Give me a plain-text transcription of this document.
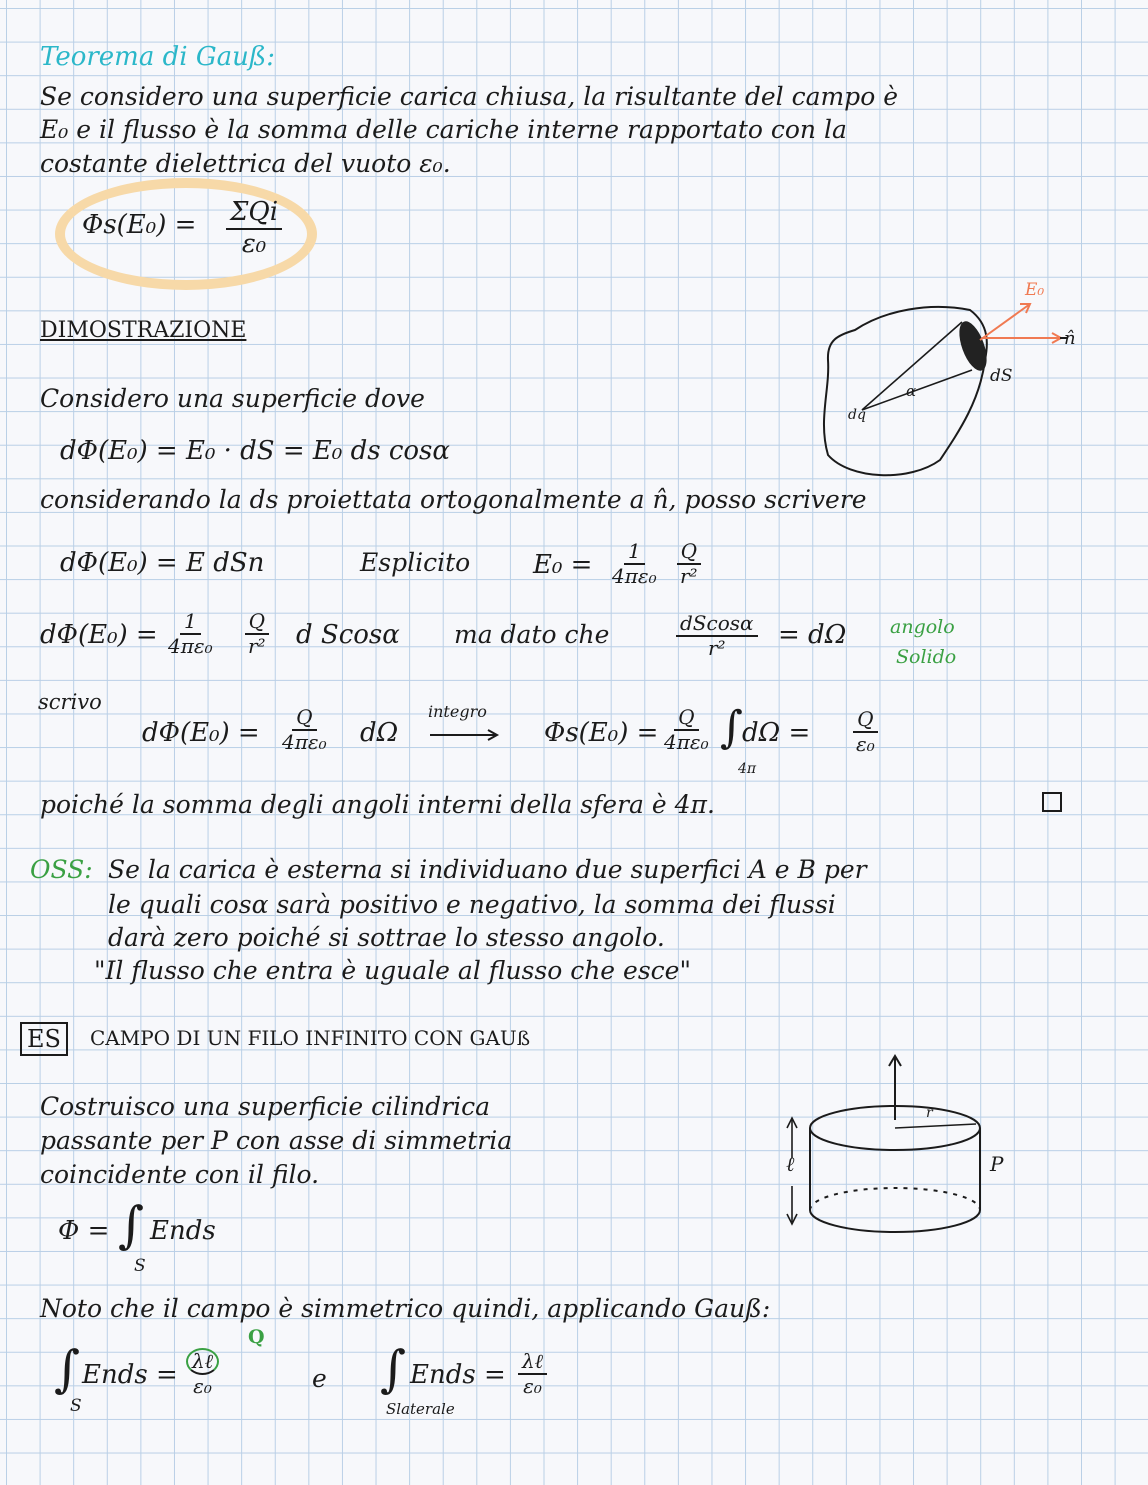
Teorema di Gauß:
Se considero una superficie carica chiusa, la risultante del campo è
E₀ e il flusso è la somma delle cariche interne rapportato con la
costante dielettrica del vuoto ε₀.
Φs(E₀) = ΣQi
ε₀
DIMOSTRAZIONE
Considero una superficie dove
dΦ(E₀) = E₀ · dS = E₀ ds cosα
considerando la ds proiettata ortogonalmente a n̂, posso scrivere
dΦ(E₀) = E dSn	Esplicito $E_0 = \frac{1}{\text{4πε₀}} \frac{Q}{\text{r²}}$
$d\Phi(E_0) = \frac{1}{\text{4πε₀}} \frac{Q}{\text{r²}}$ d Scosα ma dato che	$\frac{dScos\alpha}{\text{r²}} = d\Omega$ angolo
Solido
scrivo
$d\Phi(E_0) = \frac{Q}{\text{4πε₀}}$ dΩ
integro
$\Phi s(E_0) = \frac{Q}{\text{4πε₀}}$ ∫ dΩ =
4π
$\frac{Q}{\text{ε₀}}$
poiché la somma degli angoli interni della sfera è 4π.
E₀
n̂
dS
α
dq
OSS: Se la carica è esterna si individuano due superfici A e B per
le quali cosα sarà positivo e negativo, la somma dei flussi
darà zero poiché si sottrae lo stesso angolo.
"Il flusso che entra è uguale al flusso che esce"
ES	CAMPO DI UN FILO INFINITO CON GAUß
Costruisco una superficie cilindrica
passante per P con asse di simmetria
coincidente con il filo.
Φ = ∫ Ends
S
Noto che il campo è simmetrico quindi, applicando Gauß:
Q
∫ Ends =
S
λℓ
ε₀	e ∫ Ends =
Slaterale
λℓ
ε₀
r
ℓ	P
